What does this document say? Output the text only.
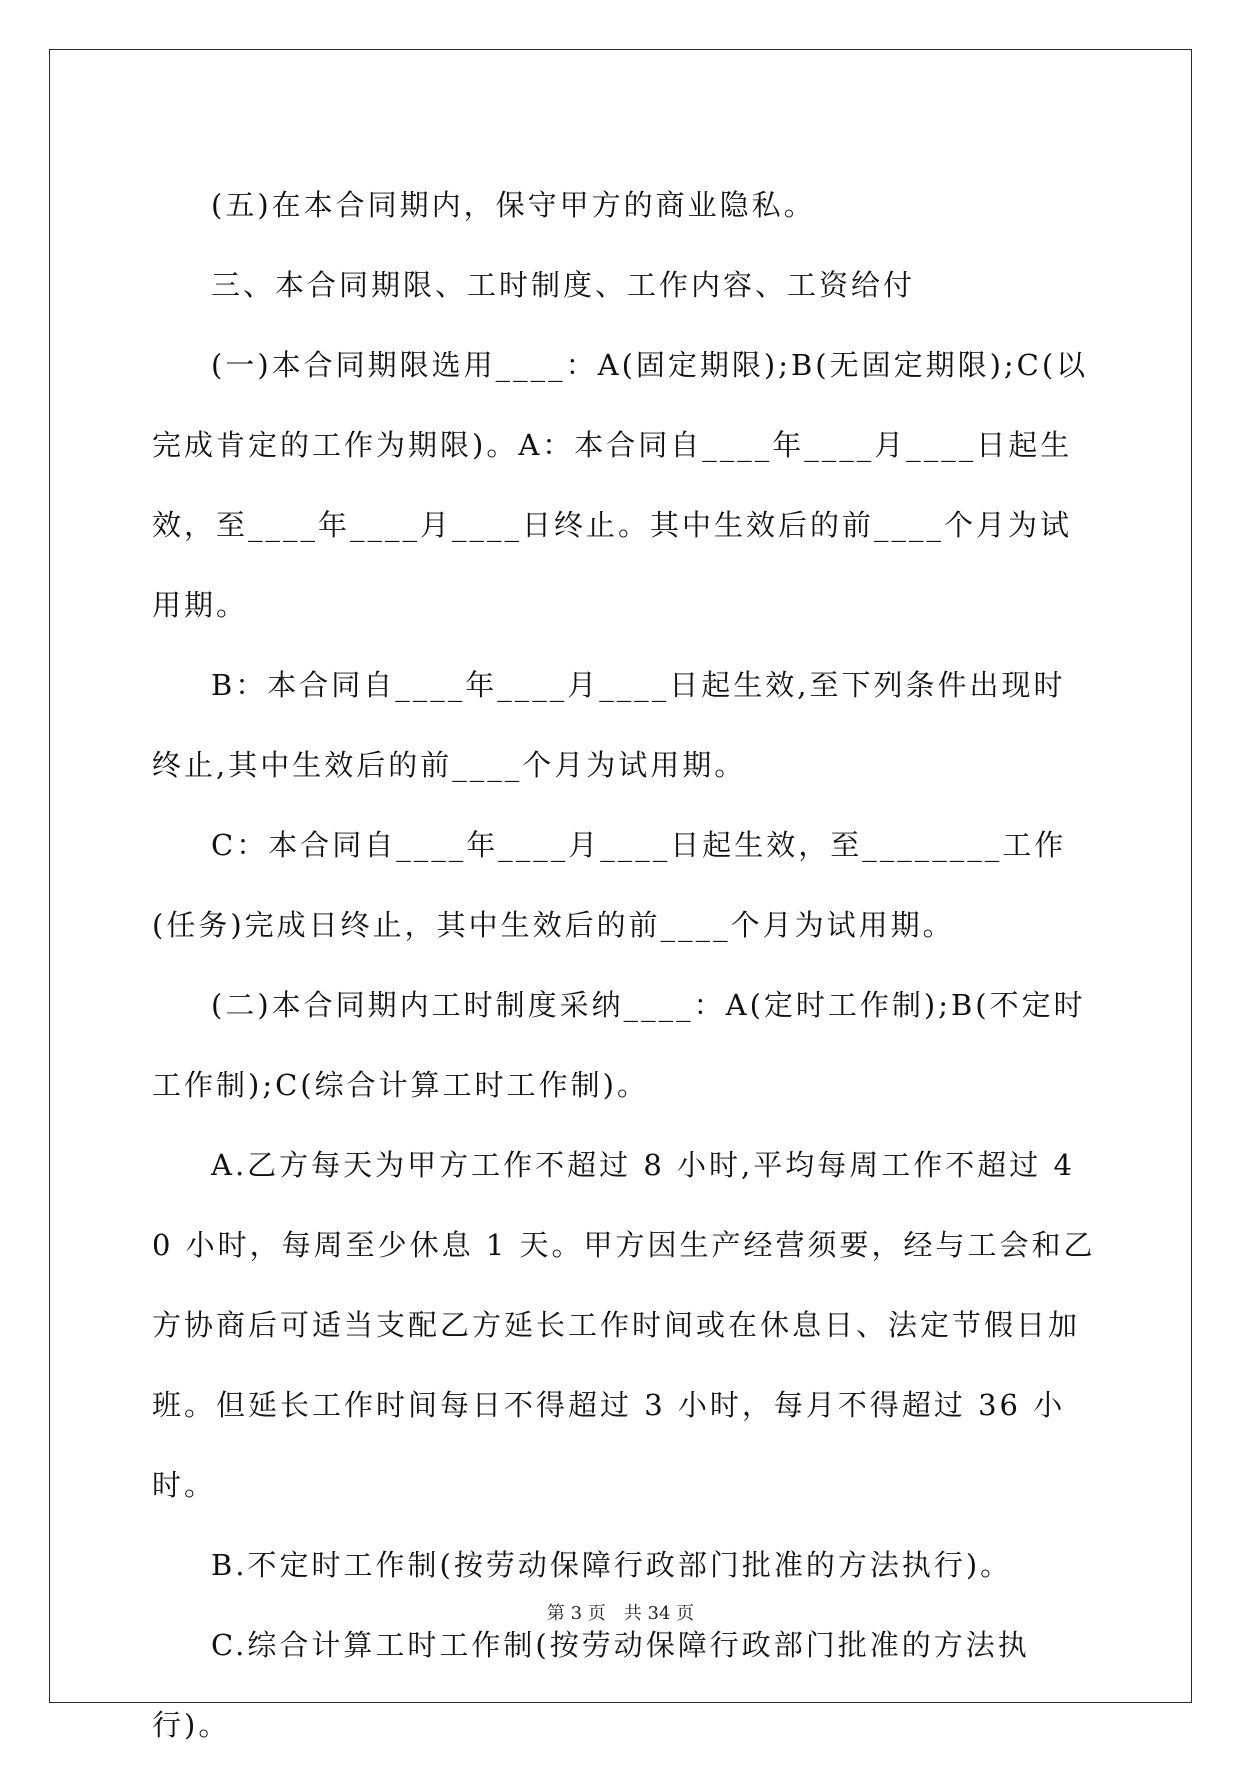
(五)在本合同期内，保守甲方的商业隐私。

三、本合同期限、工时制度、工作内容、工资给付

(一)本合同期限选用____：A(固定期限);B(无固定期限);C(以完成肯定的工作为期限)。A：本合同自____年____月____日起生效，至____年____月____日终止。其中生效后的前____个月为试用期。

B：本合同自____年____月____日起生效,至下列条件出现时终止,其中生效后的前____个月为试用期。

C：本合同自____年____月____日起生效，至________工作(任务)完成日终止，其中生效后的前____个月为试用期。

(二)本合同期内工时制度采纳____：A(定时工作制);B(不定时工作制);C(综合计算工时工作制)。

A.乙方每天为甲方工作不超过 8 小时,平均每周工作不超过 40 小时，每周至少休息 1 天。甲方因生产经营须要，经与工会和乙方协商后可适当支配乙方延长工作时间或在休息日、法定节假日加班。但延长工作时间每日不得超过 3 小时，每月不得超过 36 小时。

B.不定时工作制(按劳动保障行政部门批准的方法执行)。

C.综合计算工时工作制(按劳动保障行政部门批准的方法执行)。

第 3 页　共 34 页
